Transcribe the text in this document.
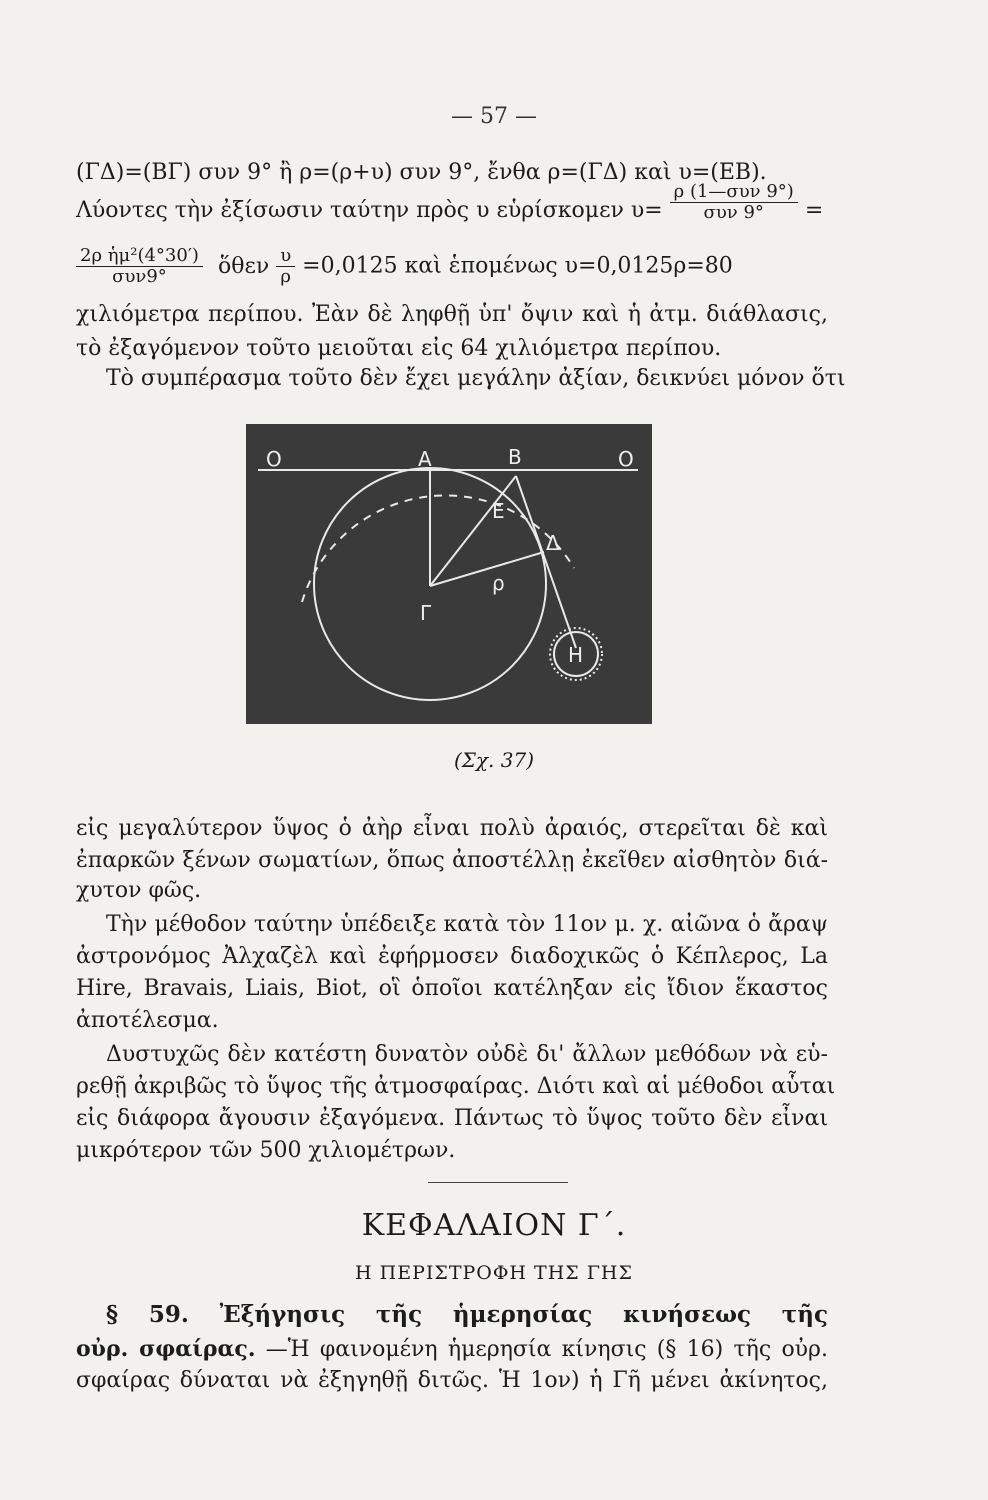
— 57 —
(ΓΔ)=(ΒΓ) συν 9° ἢ ρ=(ρ+υ) συν 9°, ἔνθα ρ=(ΓΔ) καὶ υ=(ΕΒ).
Λύοντες τὴν ἐξίσωσιν ταύτην πρὸς υ εὑρίσκομεν $\upsilon= \frac{\text{ρ (1—συν 9°)}}{\text{συν 9°}}$ =
$\frac{\text{2ρ ἡμ²(4°30′)}}{\text{συν9°}}$ ὅθεν $\frac{\upsilon}{\rho} =0,0125$ καὶ ἑπομένως υ=0,0125ρ=80
χιλιόμετρα περίπου. Ἐὰν δὲ ληφθῇ ὑπ' ὄψιν καὶ ἡ ἀτμ. διάθλασις,
τὸ ἐξαγόμενον τοῦτο μειοῦται εἰς 64 χιλιόμετρα περίπου.
Τὸ συμπέρασμα τοῦτο δὲν ἔχει μεγάλην ἀξίαν, δεικνύει μόνον ὅτι
Ο	Α	Β	Ο
Ε
Δ
ρ
Γ
Η
(Σχ. 37)
εἰς μεγαλύτερον ὕψος ὁ ἀὴρ εἶναι πολὺ ἀραιός, στερεῖται δὲ καὶ
ἐπαρκῶν ξένων σωματίων, ὅπως ἀποστέλλῃ ἐκεῖθεν αἰσθητὸν διά-
χυτον φῶς.
Τὴν μέθοδον ταύτην ὑπέδειξε κατὰ τὸν 11ον μ. χ. αἰῶνα ὁ ἄραψ
ἀστρονόμος Ἀλχαζὲλ καὶ ἐφήρμοσεν διαδοχικῶς ὁ Κέπλερος, La
Hire, Bravais, Liais, Biot, οἳ ὁποῖοι κατέληξαν εἰς ἴδιον ἕκαστος
ἀποτέλεσμα.
Δυστυχῶς δὲν κατέστη δυνατὸν οὐδὲ δι' ἄλλων μεθόδων νὰ εὑ-
ρεθῇ ἀκριβῶς τὸ ὕψος τῆς ἀτμοσφαίρας. Διότι καὶ αἱ μέθοδοι αὗται
εἰς διάφορα ἄγουσιν ἐξαγόμενα. Πάντως τὸ ὕψος τοῦτο δὲν εἶναι
μικρότερον τῶν 500 χιλιομέτρων.
ΚΕΦΑΛΑΙΟΝ Γ΄.
Η ΠΕΡΙΣΤΡΟΦΗ ΤΗΣ ΓΗΣ
§ 59. Ἐξήγησις τῆς ἡμερησίας κινήσεως τῆς
οὐρ. σφαίρας. —Ἡ φαινομένη ἡμερησία κίνησις (§ 16) τῆς οὐρ.
σφαίρας δύναται νὰ ἐξηγηθῇ διτῶς. Ἡ 1ον) ἡ Γῆ μένει ἀκίνητος,
